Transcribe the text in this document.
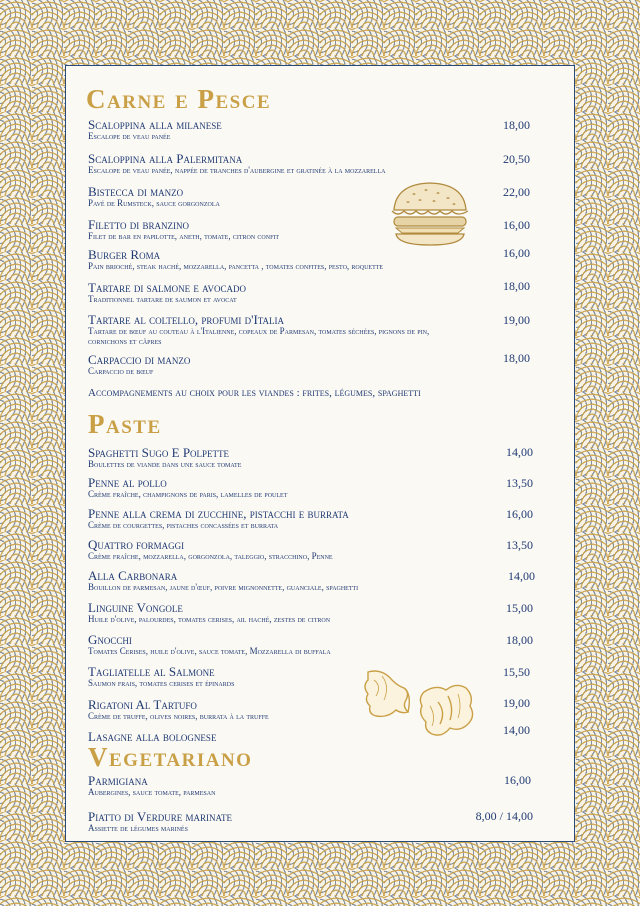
Carne e Pesce
Scaloppina alla milanese
Escalope de veau panée
18,00
Scaloppina alla Palermitana
Escalope de veau panée, nappée de tranches d'aubergine et gratinée à la mozzarella
20,50
Bistecca di manzo
Pavé de Rumsteck, sauce gorgonzola
22,00
Filetto di branzino
Filet de bar en papilotte, aneth, tomate, citron confit
16,00
Burger Roma
Pain brioché, steak haché, mozzarella, pancetta , tomates confites, pesto, roquette
16,00
Tartare di salmone e avocado
Traditionnel tartare de saumon et avocat
18,00
Tartare al coltello, profumi d'Italia
Tartare de bœuf au couteau à l'Italienne, copeaux de Parmesan, tomates séchées, pignons de pin, cornichons et câpres
19,00
Carpaccio di manzo
Carpaccio de bœuf
18,00
Accompagnements au choix pour les viandes : frites, légumes, spaghetti
Paste
Spaghetti Sugo E Polpette
Boulettes de viande dans une sauce tomate
14,00
Penne al pollo
Crème fraîche, champignons de paris, lamelles de poulet
13,50
Penne alla crema di zucchine, pistacchi e burrata
Crème de courgettes, pistaches concassées et burrata
16,00
Quattro formaggi
Crème fraîche, mozzarella, gorgonzola, taleggio, stracchino, Penne
13,50
Alla Carbonara
Bouillon de parmesan, jaune d'œuf, poivre mignonnette, guanciale, spaghetti
14,00
Linguine Vongole
Huile d'olive, palourdes, tomates cerises, ail haché, zestes de citron
15,00
Gnocchi
Tomates Cerises, huile d'olive, sauce tomate, Mozzarella di buffala
18,00
Tagliatelle al Salmone
Saumon frais, tomates cerises et épinards
15,50
Rigatoni Al Tartufo
Crème de truffe, olives noires, burrata à la truffe
19,00
Lasagne alla bolognese	14,00
Vegetariano
Parmigiana
Aubergines, sauce tomate, parmesan
16,00
Piatto di Verdure marinate
Assiette de légumes marinés
8,00 / 14,00
